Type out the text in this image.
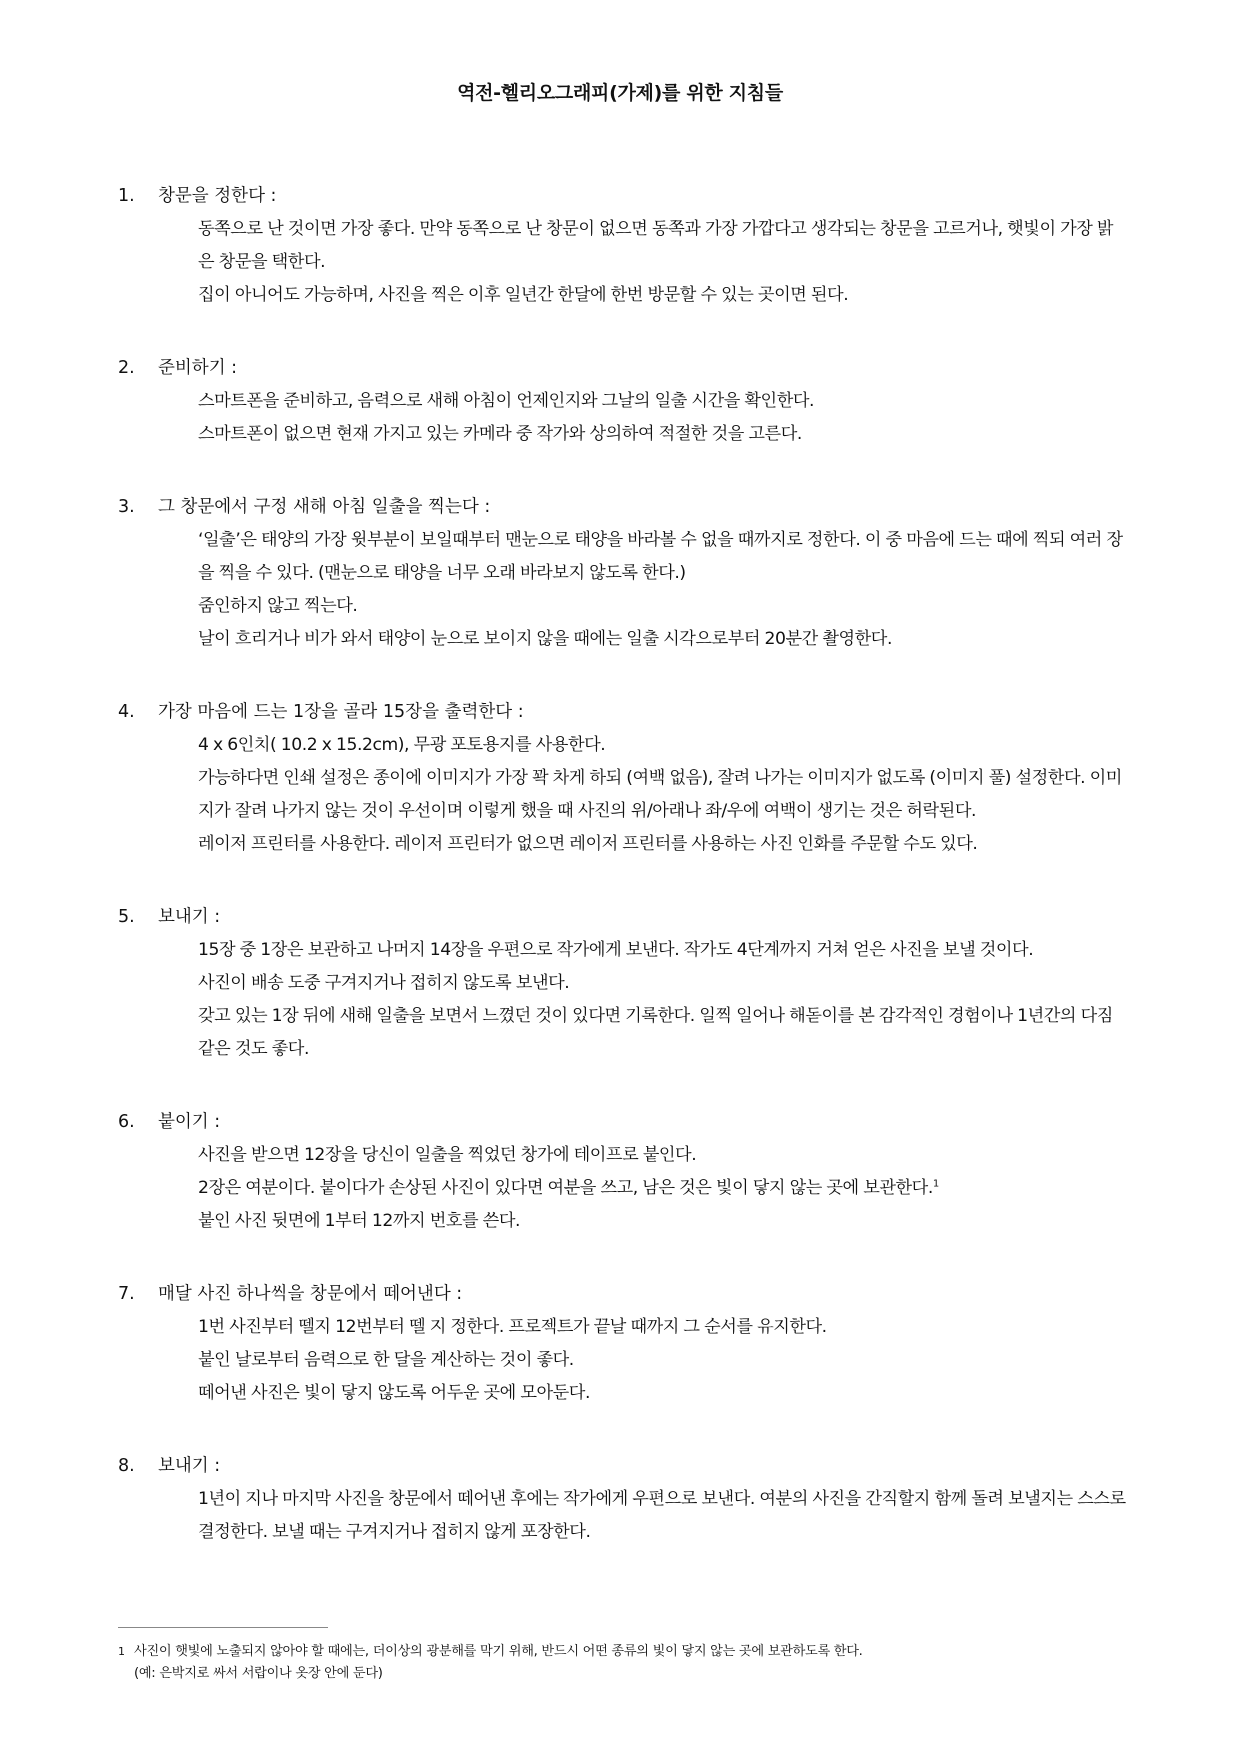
역전-헬리오그래피(가제)를 위한 지침들
1.	창문을 정한다 :
동쪽으로 난 것이면 가장 좋다. 만약 동쪽으로 난 창문이 없으면 동쪽과 가장 가깝다고 생각되는 창문을 고르거나, 햇빛이 가장 밝은 창문을 택한다.
집이 아니어도 가능하며, 사진을 찍은 이후 일년간 한달에 한번 방문할 수 있는 곳이면 된다.
2.	준비하기 :
스마트폰을 준비하고, 음력으로 새해 아침이 언제인지와 그날의 일출 시간을 확인한다.
스마트폰이 없으면 현재 가지고 있는 카메라 중 작가와 상의하여 적절한 것을 고른다.
3.	그 창문에서 구정 새해 아침 일출을 찍는다 :
‘일출’은 태양의 가장 윗부분이 보일때부터 맨눈으로 태양을 바라볼 수 없을 때까지로 정한다. 이 중 마음에 드는 때에 찍되 여러 장을 찍을 수 있다. (맨눈으로 태양을 너무 오래 바라보지 않도록 한다.)
줌인하지 않고 찍는다.
날이 흐리거나 비가 와서 태양이 눈으로 보이지 않을 때에는 일출 시각으로부터 20분간 촬영한다.
4.	가장 마음에 드는 1장을 골라 15장을 출력한다 :
4 x 6인치( 10.2 x 15.2cm), 무광 포토용지를 사용한다.
가능하다면 인쇄 설정은 종이에 이미지가 가장 꽉 차게 하되 (여백 없음), 잘려 나가는 이미지가 없도록 (이미지 풀) 설정한다. 이미지가 잘려 나가지 않는 것이 우선이며 이렇게 했을 때 사진의 위/아래나 좌/우에 여백이 생기는 것은 허락된다.
레이저 프린터를 사용한다. 레이저 프린터가 없으면 레이저 프린터를 사용하는 사진 인화를 주문할 수도 있다.
5.	보내기 :
15장 중 1장은 보관하고 나머지 14장을 우편으로 작가에게 보낸다. 작가도 4단계까지 거쳐 얻은 사진을 보낼 것이다.
사진이 배송 도중 구겨지거나 접히지 않도록 보낸다.
갖고 있는 1장 뒤에 새해 일출을 보면서 느꼈던 것이 있다면 기록한다. 일찍 일어나 해돋이를 본 감각적인 경험이나 1년간의 다짐 같은 것도 좋다.
6.	붙이기 :
사진을 받으면 12장을 당신이 일출을 찍었던 창가에 테이프로 붙인다.
2장은 여분이다. 붙이다가 손상된 사진이 있다면 여분을 쓰고, 남은 것은 빛이 닿지 않는 곳에 보관한다.$^1$
붙인 사진 뒷면에 1부터 12까지 번호를 쓴다.
7.	매달 사진 하나씩을 창문에서 떼어낸다 :
1번 사진부터 뗄지 12번부터 뗄 지 정한다. 프로젝트가 끝날 때까지 그 순서를 유지한다.
붙인 날로부터 음력으로 한 달을 계산하는 것이 좋다.
떼어낸 사진은 빛이 닿지 않도록 어두운 곳에 모아둔다.
8.	보내기 :
1년이 지나 마지막 사진을 창문에서 떼어낸 후에는 작가에게 우편으로 보낸다. 여분의 사진을 간직할지 함께 돌려 보낼지는 스스로 결정한다. 보낼 때는 구겨지거나 접히지 않게 포장한다.
1 사진이 햇빛에 노출되지 않아야 할 때에는, 더이상의 광분해를 막기 위해, 반드시 어떤 종류의 빛이 닿지 않는 곳에 보관하도록 한다.
(예: 은박지로 싸서 서랍이나 옷장 안에 둔다)
